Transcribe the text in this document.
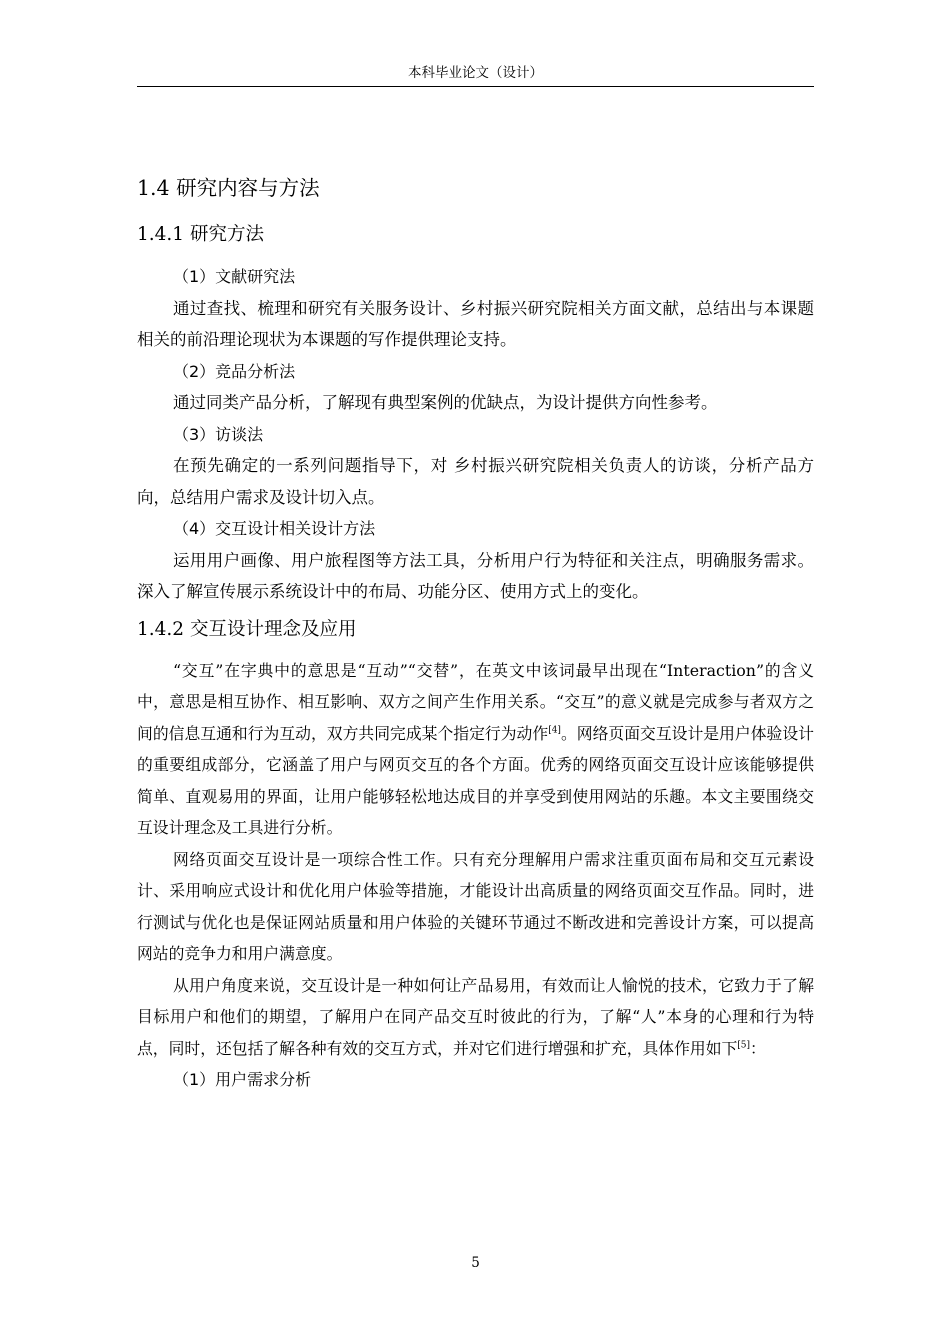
本科毕业论文（设计）
1.4 研究内容与方法
1.4.1 研究方法
（1）文献研究法

通过查找、梳理和研究有关服务设计、乡村振兴研究院相关方面文献，总结出与本课题相关的前沿理论现状为本课题的写作提供理论支持。

（2）竞品分析法

通过同类产品分析，了解现有典型案例的优缺点，为设计提供方向性参考。

（3）访谈法

在预先确定的一系列问题指导下，对 乡村振兴研究院相关负责人的访谈，分析产品方向，总结用户需求及设计切入点。

（4）交互设计相关设计方法

运用用户画像、用户旅程图等方法工具，分析用户行为特征和关注点，明确服务需求。深入了解宣传展示系统设计中的布局、功能分区、使用方式上的变化。

1.4.2 交互设计理念及应用

“交互”在字典中的意思是“互动”“交替”，在英文中该词最早出现在“Interaction”的含义中，意思是相互协作、相互影响、双方之间产生作用关系。“交互”的意义就是完成参与者双方之间的信息互通和行为互动，双方共同完成某个指定行为动作[4]。网络页面交互设计是用户体验设计的重要组成部分，它涵盖了用户与网页交互的各个方面。优秀的网络页面交互设计应该能够提供简单、直观易用的界面，让用户能够轻松地达成目的并享受到使用网站的乐趣。本文主要围绕交互设计理念及工具进行分析。

网络页面交互设计是一项综合性工作。只有充分理解用户需求注重页面布局和交互元素设计、采用响应式设计和优化用户体验等措施，才能设计出高质量的网络页面交互作品。同时，进行测试与优化也是保证网站质量和用户体验的关键环节通过不断改进和完善设计方案，可以提高网站的竞争力和用户满意度。

从用户角度来说，交互设计是一种如何让产品易用，有效而让人愉悦的技术，它致力于了解目标用户和他们的期望，了解用户在同产品交互时彼此的行为，了解“人”本身的心理和行为特点，同时，还包括了解各种有效的交互方式，并对它们进行增强和扩充，具体作用如下[5]：

（1）用户需求分析
5
